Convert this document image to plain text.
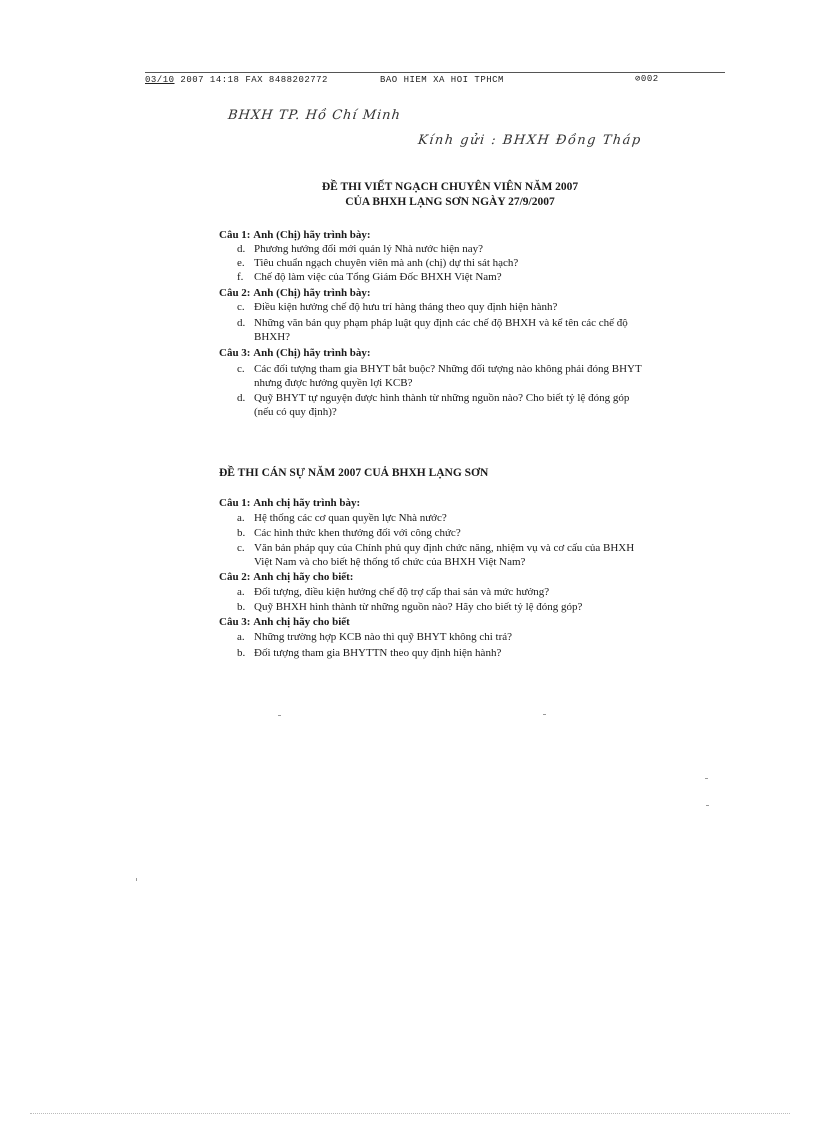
03/10 2007 14:18 FAX 8488202772	BAO HIEM XA HOI TPHCM	⊘002
BHXH TP. Hồ Chí Minh
Kính gửi : BHXH Đồng Tháp
ĐỀ THI VIẾT NGẠCH CHUYÊN VIÊN NĂM 2007
CỦA BHXH LẠNG SƠN NGÀY 27/9/2007
Câu 1: Anh (Chị) hãy trình bày:
d. Phương hướng đổi mới quản lý Nhà nước hiện nay?
e. Tiêu chuẩn ngạch chuyên viên mà anh (chị) dự thi sát hạch?
f. Chế độ làm việc của Tổng Giám Đốc BHXH Việt Nam?
Câu 2: Anh (Chị) hãy trình bày:
c. Điều kiện hưởng chế độ hưu trí hàng tháng theo quy định hiện hành?
d. Những văn bản quy phạm pháp luật quy định các chế độ BHXH và kể tên các chế độ
BHXH?
Câu 3: Anh (Chị) hãy trình bày:
c. Các đối tượng tham gia BHYT bắt buộc? Những đối tượng nào không phải đóng BHYT
nhưng được hưởng quyền lợi KCB?
d. Quỹ BHYT tự nguyện được hình thành từ những nguồn nào? Cho biết tỷ lệ đóng góp
(nếu có quy định)?
ĐỀ THI CÁN SỰ NĂM 2007 CUẢ BHXH LẠNG SƠN
Câu 1: Anh chị hãy trình bày:
a. Hệ thống các cơ quan quyền lực Nhà nước?
b. Các hình thức khen thưởng đối với công chức?
c. Văn bản pháp quy của Chính phủ quy định chức năng, nhiệm vụ và cơ cấu của BHXH
Việt Nam và cho biết hệ thống tổ chức của BHXH Việt Nam?
Câu 2: Anh chị hãy cho biết:
a. Đối tượng, điều kiện hưởng chế độ trợ cấp thai sản và mức hưởng?
b. Quỹ BHXH hình thành từ những nguồn nào? Hãy cho biết tỷ lệ đóng góp?
Câu 3: Anh chị hãy cho biết
a. Những trường hợp KCB nào thì quỹ BHYT không chi trả?
b. Đối tượng tham gia BHYTTN theo quy định hiện hành?
